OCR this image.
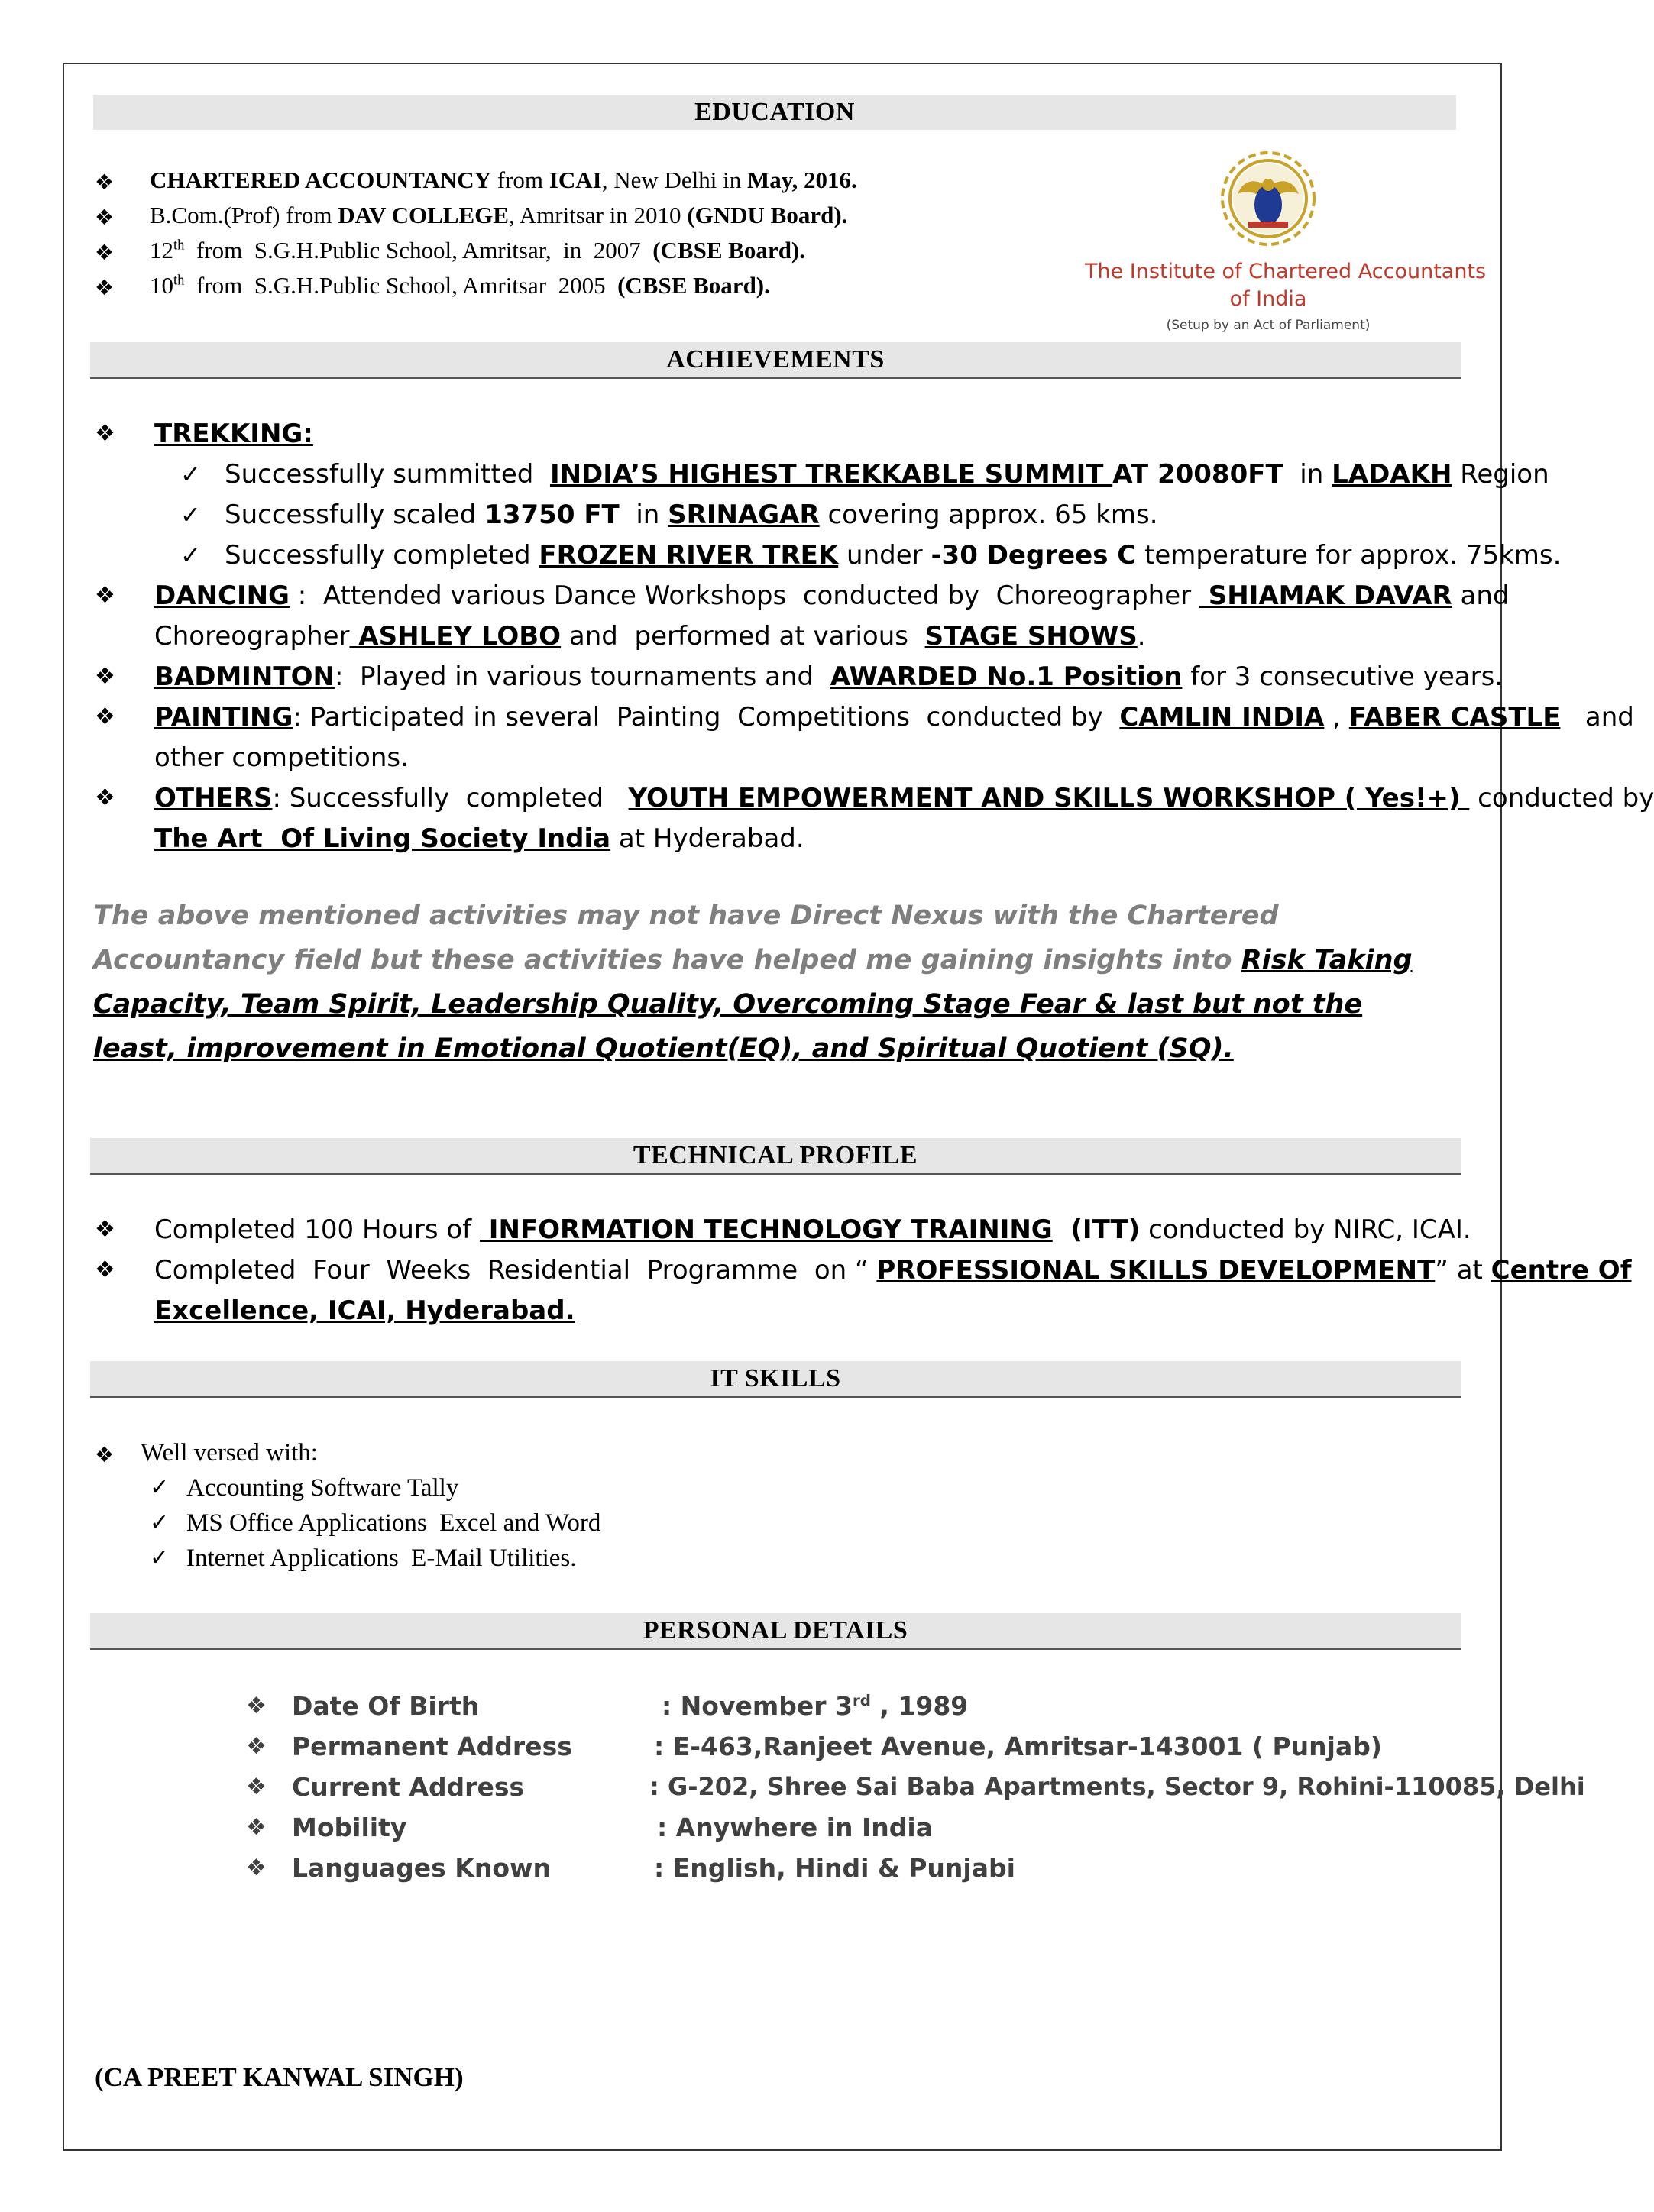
EDUCATION
❖ CHARTERED ACCOUNTANCY from ICAI, New Delhi in May, 2016.
❖ B.Com.(Prof) from DAV COLLEGE, Amritsar in 2010 (GNDU Board).
❖ 12th  from  S.G.H.Public School, Amritsar,  in  2007  (CBSE Board).
❖ 10th  from  S.G.H.Public School, Amritsar  2005  (CBSE Board).
The Institute of Chartered Accountants
of India
(Setup by an Act of Parliament)
ACHIEVEMENTS
❖ TREKKING:
✓ Successfully summitted  INDIA’S HIGHEST TREKKABLE SUMMIT AT 20080FT  in LADAKH Region
✓ Successfully scaled 13750 FT  in SRINAGAR covering approx. 65 kms.
✓ Successfully completed FROZEN RIVER TREK under -30 Degrees C temperature for approx. 75kms.
❖ DANCING :  Attended various Dance Workshops  conducted by  Choreographer  SHIAMAK DAVAR and
Choreographer ASHLEY LOBO and  performed at various  STAGE SHOWS.
❖ BADMINTON:  Played in various tournaments and  AWARDED No.1 Position for 3 consecutive years.
❖ PAINTING: Participated in several  Painting  Competitions  conducted by  CAMLIN INDIA , FABER CASTLE   and
other competitions.
❖ OTHERS: Successfully  completed   YOUTH EMPOWERMENT AND SKILLS WORKSHOP ( Yes!+)  conducted by
The Art  Of Living Society India at Hyderabad.
The above mentioned activities may not have Direct Nexus with the Chartered Accountancy field but these activities have helped me gaining insights into Risk Taking Capacity, Team Spirit, Leadership Quality, Overcoming Stage Fear & last but not the least, improvement in Emotional Quotient(EQ), and Spiritual Quotient (SQ).
TECHNICAL PROFILE
❖ Completed 100 Hours of  INFORMATION TECHNOLOGY TRAINING  (ITT) conducted by NIRC, ICAI.
❖ Completed  Four  Weeks  Residential  Programme  on “ PROFESSIONAL SKILLS DEVELOPMENT” at Centre Of
Excellence, ICAI, Hyderabad.
IT SKILLS
❖ Well versed with:
✓ Accounting Software Tally
✓ MS Office Applications  Excel and Word
✓ Internet Applications  E-Mail Utilities.
PERSONAL DETAILS
❖ Date Of Birth	: November 3rd , 1989
❖ Permanent Address	: E-463,Ranjeet Avenue, Amritsar-143001 ( Punjab)
❖ Current Address	: G-202, Shree Sai Baba Apartments, Sector 9, Rohini-110085, Delhi
❖ Mobility	: Anywhere in India
❖ Languages Known	: English, Hindi & Punjabi
(CA PREET KANWAL SINGH)
